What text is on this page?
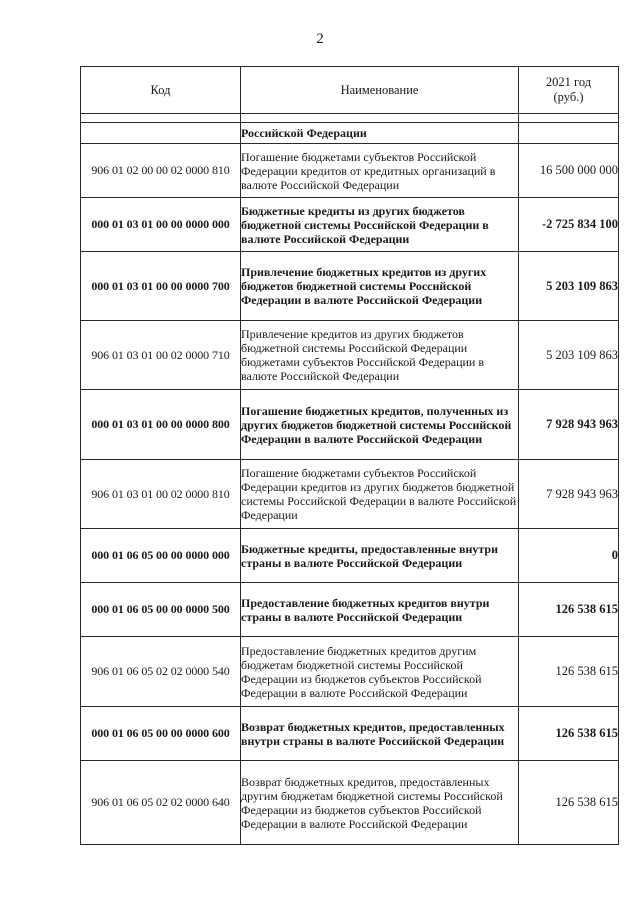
2
Код	Наименование	2021 год
(руб.)

	Российской Федерации	
906 01 02 00 00 02 0000 810	Погашение бюджетами субъектов Российской Федерации кредитов от кредитных организаций в валюте Российской Федерации	16 500 000 000
000 01 03 01 00 00 0000 000	Бюджетные кредиты из других бюджетов бюджетной системы Российской Федерации в валюте Российской Федерации	-2 725 834 100
000 01 03 01 00 00 0000 700	Привлечение бюджетных кредитов из других бюджетов бюджетной системы Российской Федерации в валюте Российской Федерации	5 203 109 863
906 01 03 01 00 02 0000 710	Привлечение кредитов из других бюджетов бюджетной системы Российской Федерации бюджетами субъектов Российской Федерации в валюте Российской Федерации	5 203 109 863
000 01 03 01 00 00 0000 800	Погашение бюджетных кредитов, полученных из других бюджетов бюджетной системы Российской Федерации в валюте Российской Федерации	7 928 943 963
906 01 03 01 00 02 0000 810	Погашение бюджетами субъектов Российской Федерации кредитов из других бюджетов бюджетной системы Российской Федерации в валюте Российской Федерации	7 928 943 963
000 01 06 05 00 00 0000 000	Бюджетные кредиты, предоставленные внутри страны в валюте Российской Федерации	0
000 01 06 05 00 00 0000 500	Предоставление бюджетных кредитов внутри страны в валюте Российской Федерации	126 538 615
906 01 06 05 02 02 0000 540	Предоставление бюджетных кредитов другим бюджетам бюджетной системы Российской Федерации из бюджетов субъектов Российской Федерации в валюте Российской Федерации	126 538 615
000 01 06 05 00 00 0000 600	Возврат бюджетных кредитов, предоставленных внутри страны в валюте Российской Федерации	126 538 615
906 01 06 05 02 02 0000 640	Возврат бюджетных кредитов, предоставленных другим бюджетам бюджетной системы Российской Федерации из бюджетов субъектов Российской Федерации в валюте Российской Федерации	126 538 615
